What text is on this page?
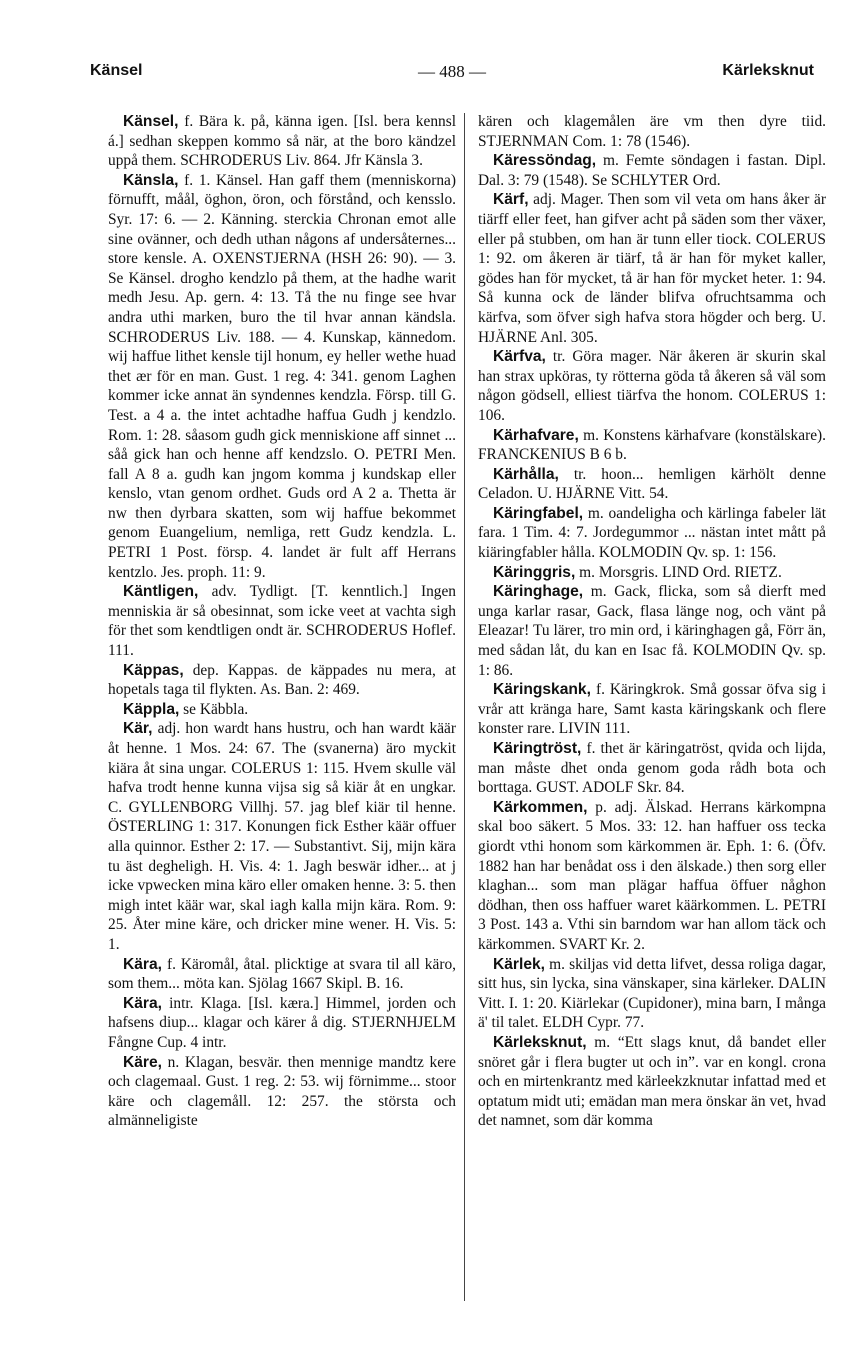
Känsel	— 488 —	Kärleksknut

Känsel, f. Bära k. på, känna igen. [Isl. bera kennsl á.] sedhan skeppen kommo så när, at the boro kändzel uppå them. SCHRODERUS Liv. 864. Jfr Känsla 3.

Känsla, f. 1. Känsel. Han gaff them (menniskorna) förnufft, måål, öghon, öron, och förstånd, och kensslo. Syr. 17: 6. — 2. Känning. sterckia Chronan emot alle sine ovänner, och dedh uthan någons af undersåternes... store kensle. A. OXENSTJERNA (HSH 26: 90). — 3. Se Känsel. drogho kendzlo på them, at the hadhe warit medh Jesu. Ap. gern. 4: 13. Tå the nu finge see hvar andra uthi marken, buro the til hvar annan kändsla. SCHRODERUS Liv. 188. — 4. Kunskap, kännedom. wij haffue lithet kensle tijl honum, ey heller wethe huad thet ær för en man. Gust. 1 reg. 4: 341. genom Laghen kommer icke annat än syndennes kendzla. Försp. till G. Test. a 4 a. the intet achtadhe haffua Gudh j kendzlo. Rom. 1: 28. såasom gudh gick menniskione aff sinnet ... såå gick han och henne aff kendzslo. O. PETRI Men. fall A 8 a. gudh kan jngom komma j kundskap eller kenslo, vtan genom ordhet. Guds ord A 2 a. Thetta är nw then dyrbara skatten, som wij haffue bekommet genom Euangelium, nemliga, rett Gudz kendzla. L. PETRI 1 Post. försp. 4. landet är fult aff Herrans kentzlo. Jes. proph. 11: 9.

Käntligen, adv. Tydligt. [T. kenntlich.] Ingen menniskia är så obesinnat, som icke veet at vachta sigh för thet som kendtligen ondt är. SCHRODERUS Hoflef. 111.

Käppas, dep. Kappas. de käppades nu mera, at hopetals taga til flykten. As. Ban. 2: 469.

Käppla, se Käbbla.

Kär, adj. hon wardt hans hustru, och han wardt käär åt henne. 1 Mos. 24: 67. The (svanerna) äro myckit kiära åt sina ungar. COLERUS 1: 115. Hvem skulle väl hafva trodt henne kunna vijsa sig så kiär åt en ungkar. C. GYLLENBORG Villhj. 57. jag blef kiär til henne. ÖSTERLING 1: 317. Konungen fick Esther käär offuer alla quinnor. Esther 2: 17. — Substantivt. Sij, mijn kära tu äst degheligh. H. Vis. 4: 1. Jagh beswär idher... at j icke vpwecken mina käro eller omaken henne. 3: 5. then migh intet käär war, skal iagh kalla mijn kära. Rom. 9: 25. Åter mine käre, och dricker mine wener. H. Vis. 5: 1.

Kära, f. Käromål, åtal. plicktige at svara til all käro, som them... möta kan. Sjölag 1667 Skipl. B. 16.

Kära, intr. Klaga. [Isl. kæra.] Himmel, jorden och hafsens diup... klagar och kärer å dig. STJERNHJELM Fångne Cup. 4 intr.

Käre, n. Klagan, besvär. then mennige mandtz kere och clagemaal. Gust. 1 reg. 2: 53. wij förnimme... stoor käre och clagemåll. 12: 257. the största och almänneligiste

kären och klagemålen äre vm then dyre tiid. STJERNMAN Com. 1: 78 (1546).

Käressöndag, m. Femte söndagen i fastan. Dipl. Dal. 3: 79 (1548). Se SCHLYTER Ord.

Kärf, adj. Mager. Then som vil veta om hans åker är tiärff eller feet, han gifver acht på säden som ther växer, eller på stubben, om han är tunn eller tiock. COLERUS 1: 92. om åkeren är tiärf, tå är han för myket kaller, gödes han för mycket, tå är han för mycket heter. 1: 94. Så kunna ock de länder blifva ofruchtsamma och kärfva, som öfver sigh hafva stora högder och berg. U. HJÄRNE Anl. 305.

Kärfva, tr. Göra mager. När åkeren är skurin skal han strax upköras, ty rötterna göda tå åkeren så väl som någon gödsell, elliest tiärfva the honom. COLERUS 1: 106.

Kärhafvare, m. Konstens kärhafvare (konstälskare). FRANCKENIUS B 6 b.

Kärhålla, tr. hoon... hemligen kärhölt denne Celadon. U. HJÄRNE Vitt. 54.

Käringfabel, m. oandeligha och kärlinga fabeler lät fara. 1 Tim. 4: 7. Jordegummor ... nästan intet mått på kiäringfabler hålla. KOLMODIN Qv. sp. 1: 156.

Käringgris, m. Morsgris. LIND Ord. RIETZ.

Käringhage, m. Gack, flicka, som så dierft med unga karlar rasar, Gack, flasa länge nog, och vänt på Eleazar! Tu lärer, tro min ord, i käringhagen gå, Förr än, med sådan låt, du kan en Isac få. KOLMODIN Qv. sp. 1: 86.

Käringskank, f. Käringkrok. Små gossar öfva sig i vrår att kränga hare, Samt kasta käringskank och flere konster rare. LIVIN 111.

Käringtröst, f. thet är käringatröst, qvida och lijda, man måste dhet onda genom goda rådh bota och borttaga. GUST. ADOLF Skr. 84.

Kärkommen, p. adj. Älskad. Herrans kärkompna skal boo säkert. 5 Mos. 33: 12. han haffuer oss tecka giordt vthi honom som kärkommen är. Eph. 1: 6. (Öfv. 1882 han har benådat oss i den älskade.) then sorg eller klaghan... som man plägar haffua öffuer någhon dödhan, then oss haffuer waret käärkommen. L. PETRI 3 Post. 143 a. Vthi sin barndom war han allom täck och kärkommen. SVART Kr. 2.

Kärlek, m. skiljas vid detta lifvet, dessa roliga dagar, sitt hus, sin lycka, sina vänskaper, sina kärleker. DALIN Vitt. I. 1: 20. Kiärlekar (Cupidoner), mina barn, I många ä' til talet. ELDH Cypr. 77.

Kärleksknut, m. “Ett slags knut, då bandet eller snöret går i flera bugter ut och in”. var en kongl. crona och en mirtenkrantz med kärleekzknutar infattad med et optatum midt uti; emädan man mera önskar än vet, hvad det namnet, som där komma
